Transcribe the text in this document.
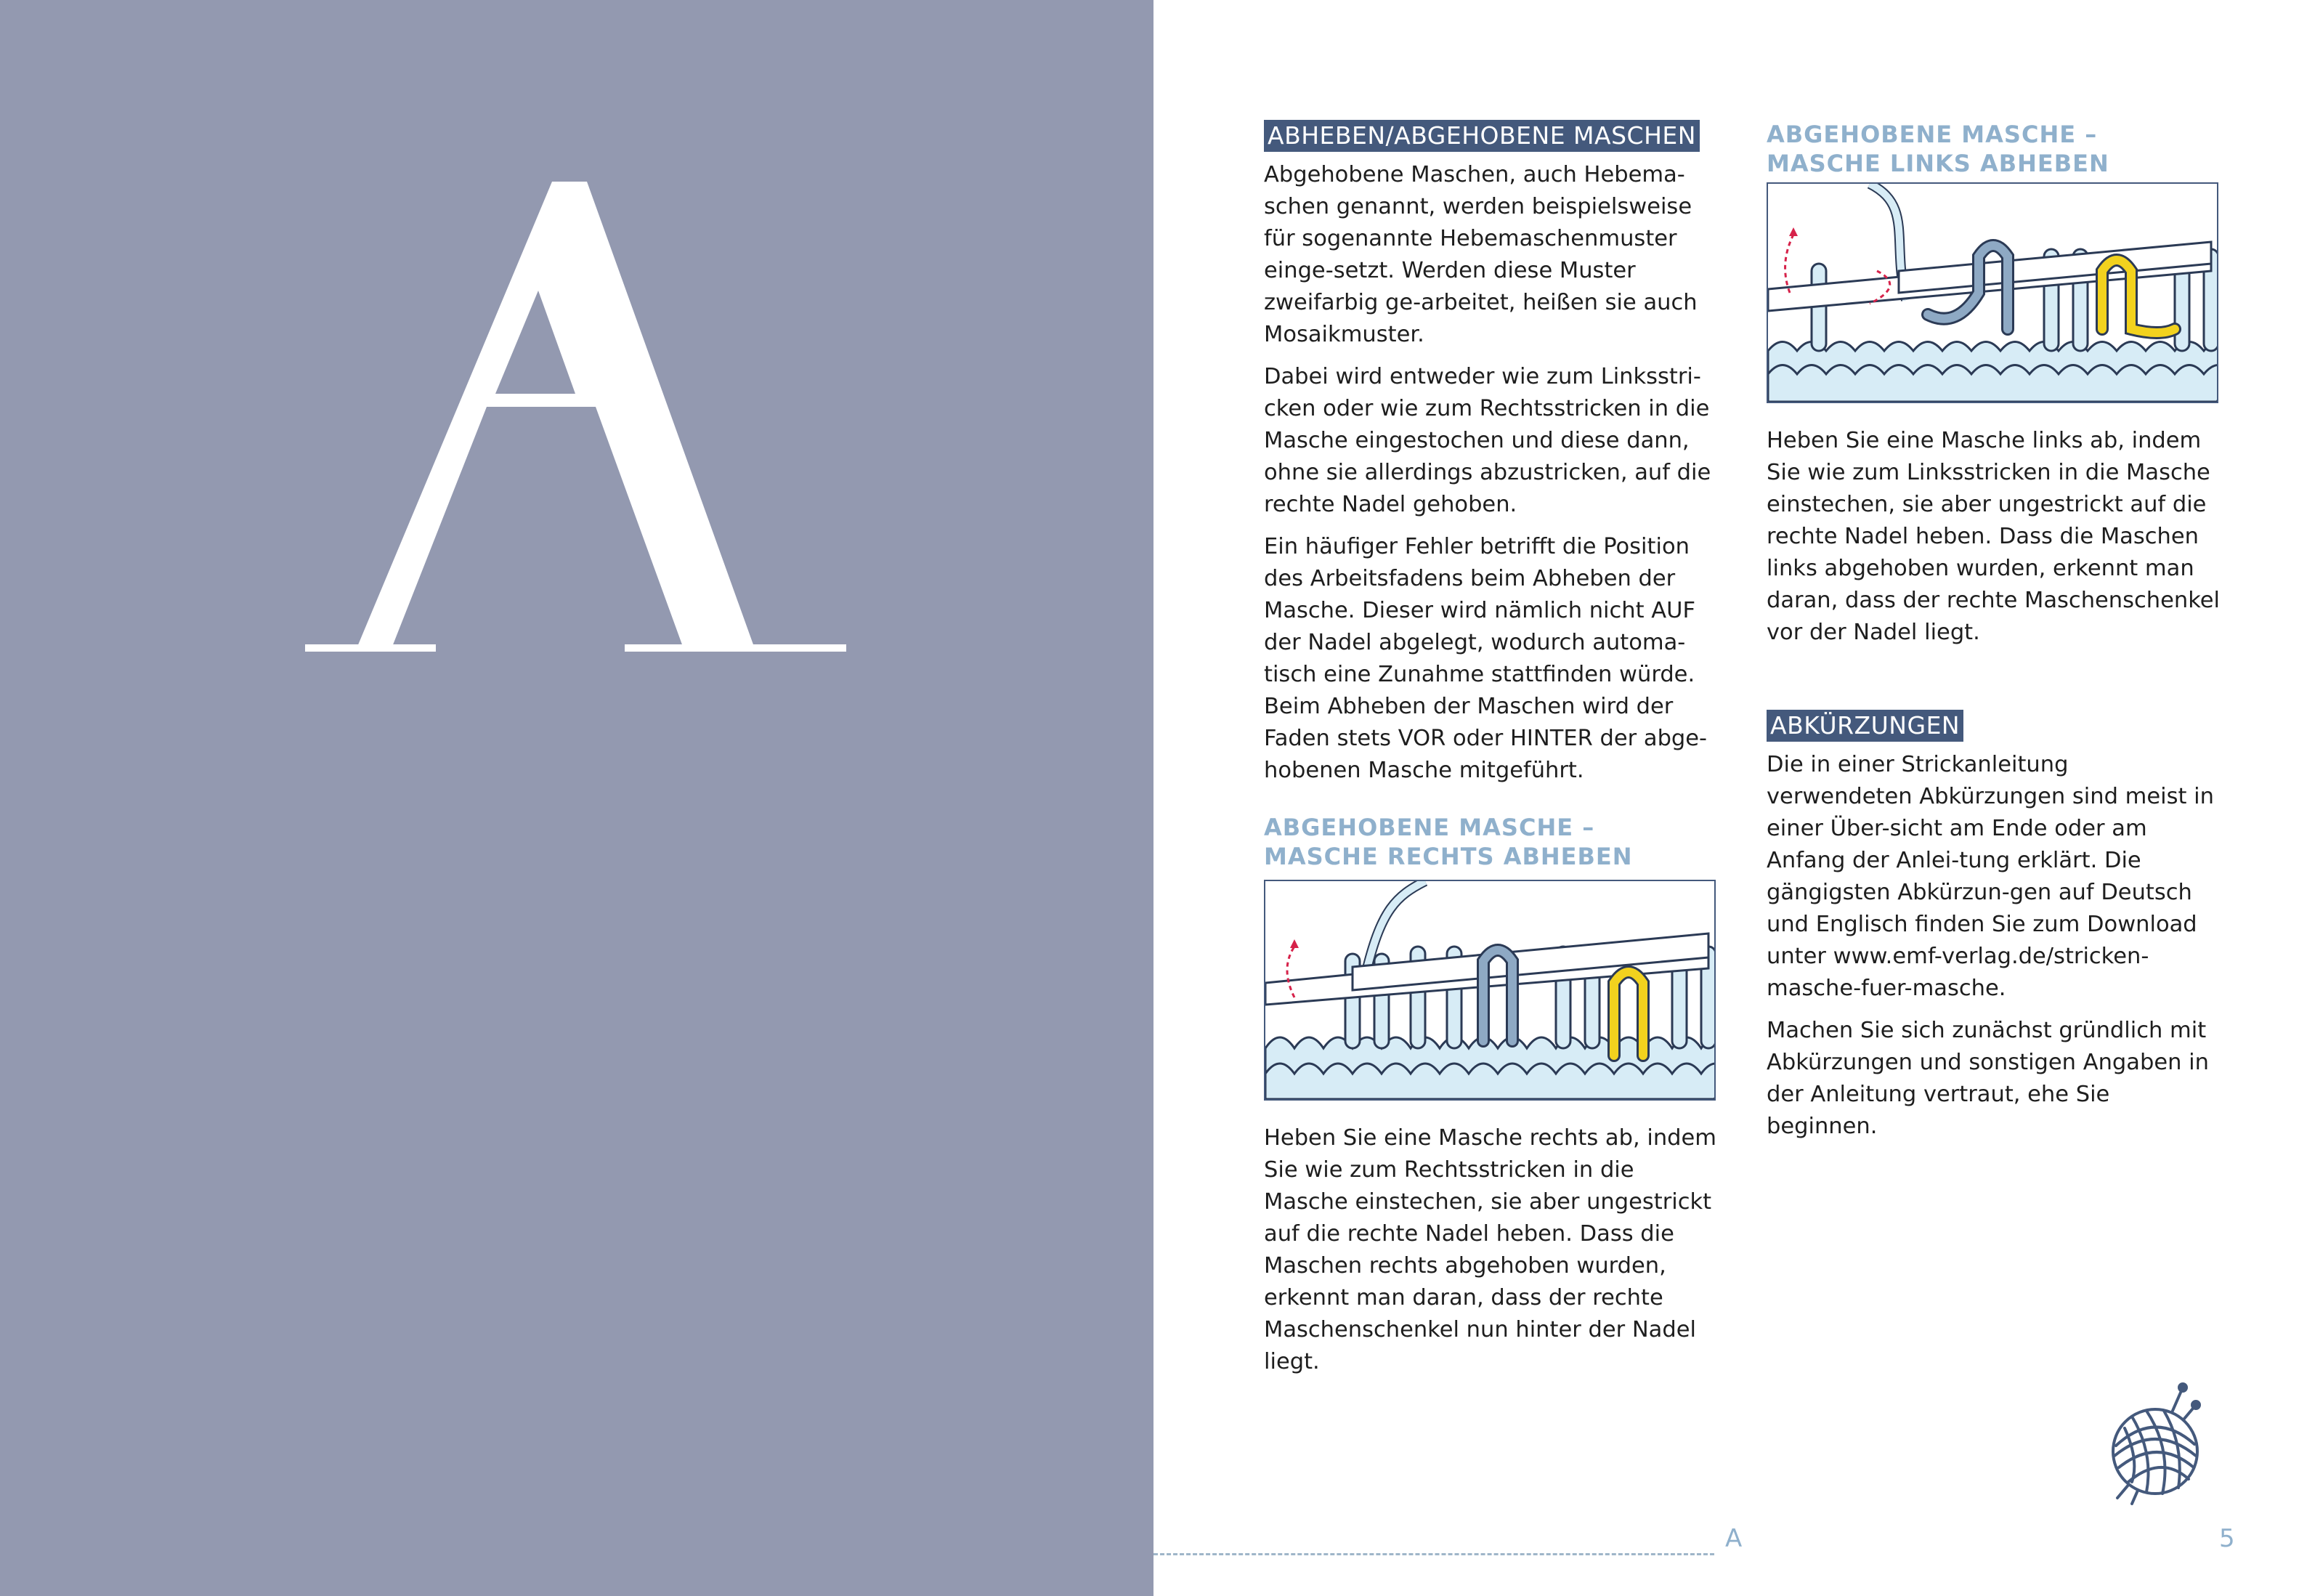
ABHEBEN/ABGEHOBENE MASCHEN

Abgehobene Maschen, auch Hebema-schen genannt, werden beispielsweise für sogenannte Hebemaschenmuster einge-setzt. Werden diese Muster zweifarbig ge-arbeitet, heißen sie auch Mosaikmuster.

Dabei wird entweder wie zum Linksstri-cken oder wie zum Rechtsstricken in die Masche eingestochen und diese dann, ohne sie allerdings abzustricken, auf die rechte Nadel gehoben.

Ein häufiger Fehler betrifft die Position des Arbeitsfadens beim Abheben der Masche. Dieser wird nämlich nicht AUF der Nadel abgelegt, wodurch automa-tisch eine Zunahme stattfinden würde. Beim Abheben der Maschen wird der Faden stets VOR oder HINTER der abge-hobenen Masche mitgeführt.

ABGEHOBENE MASCHE –
MASCHE RECHTS ABHEBEN

Heben Sie eine Masche rechts ab, indem Sie wie zum Rechtsstricken in die Masche einstechen, sie aber ungestrickt auf die rechte Nadel heben. Dass die Maschen rechts abgehoben wurden, erkennt man daran, dass der rechte Maschenschenkel nun hinter der Nadel liegt.

ABGEHOBENE MASCHE –
MASCHE LINKS ABHEBEN

Heben Sie eine Masche links ab, indem Sie wie zum Linksstricken in die Masche einstechen, sie aber ungestrickt auf die rechte Nadel heben. Dass die Maschen links abgehoben wurden, erkennt man daran, dass der rechte Maschenschenkel vor der Nadel liegt.

ABKÜRZUNGEN

Die in einer Strickanleitung verwendeten Abkürzungen sind meist in einer Über-sicht am Ende oder am Anfang der Anlei-tung erklärt. Die gängigsten Abkürzun-gen auf Deutsch und Englisch finden Sie zum Download unter www.emf-verlag.de/stricken-masche-fuer-masche.

Machen Sie sich zunächst gründlich mit Abkürzungen und sonstigen Angaben in der Anleitung vertraut, ehe Sie beginnen.

A	5
